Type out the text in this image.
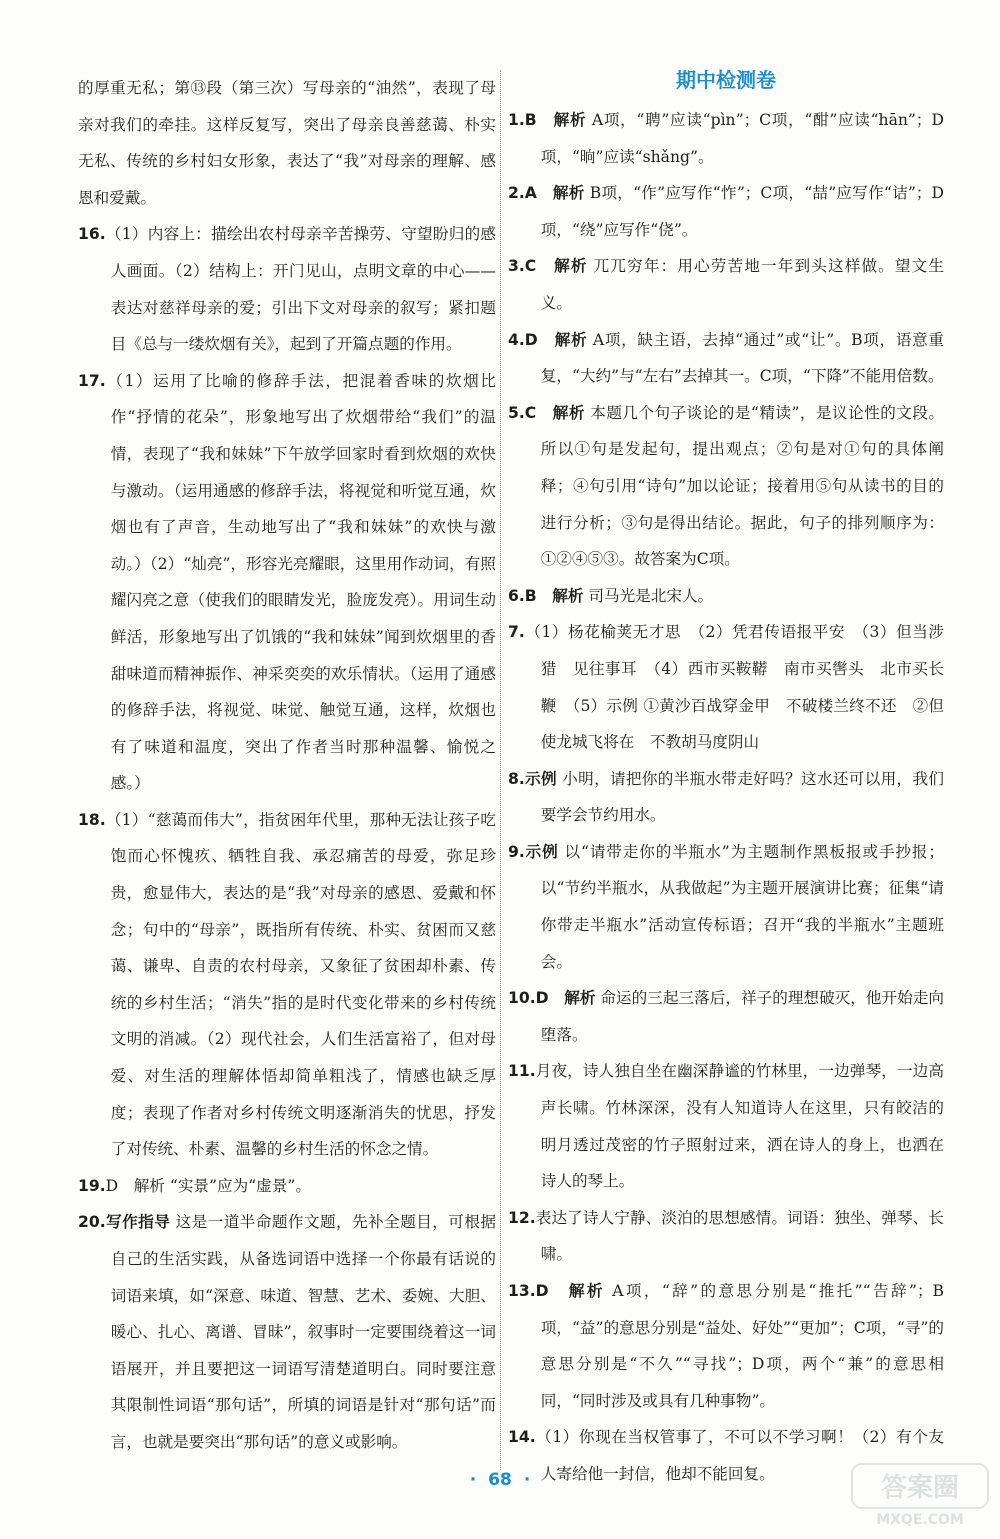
的厚重无私；第⑬段（第三次）写母亲的“油然”，表现了母亲对我们的牵挂。这样反复写，突出了母亲良善慈蔼、朴实无私、传统的乡村妇女形象，表达了“我”对母亲的理解、感恩和爱戴。

16.（1）内容上：描绘出农村母亲辛苦操劳、守望盼归的感人画面。（2）结构上：开门见山，点明文章的中心——表达对慈祥母亲的爱；引出下文对母亲的叙写；紧扣题目《总与一缕炊烟有关》，起到了开篇点题的作用。

17.（1）运用了比喻的修辞手法，把混着香味的炊烟比作“抒情的花朵”，形象地写出了炊烟带给“我们”的温情，表现了“我和妹妹”下午放学回家时看到炊烟的欢快与激动。（运用通感的修辞手法，将视觉和听觉互通，炊烟也有了声音，生动地写出了“我和妹妹”的欢快与激动。）（2）“灿亮”，形容光亮耀眼，这里用作动词，有照耀闪亮之意（使我们的眼睛发光，脸庞发亮）。用词生动鲜活，形象地写出了饥饿的“我和妹妹”闻到炊烟里的香甜味道而精神振作、神采奕奕的欢乐情状。（运用了通感的修辞手法，将视觉、味觉、触觉互通，这样，炊烟也有了味道和温度，突出了作者当时那种温馨、愉悦之感。）

18.（1）“慈蔼而伟大”，指贫困年代里，那种无法让孩子吃饱而心怀愧疚、牺牲自我、承忍痛苦的母爱，弥足珍贵，愈显伟大，表达的是“我”对母亲的感恩、爱戴和怀念；句中的“母亲”，既指所有传统、朴实、贫困而又慈蔼、谦卑、自责的农村母亲，又象征了贫困却朴素、传统的乡村生活；“消失”指的是时代变化带来的乡村传统文明的消减。（2）现代社会，人们生活富裕了，但对母爱、对生活的理解体悟却简单粗浅了，情感也缺乏厚度；表现了作者对乡村传统文明逐渐消失的忧思，抒发了对传统、朴素、温馨的乡村生活的怀念之情。

19.D　解析 “实景”应为“虚景”。

20.写作指导 这是一道半命题作文题，先补全题目，可根据自己的生活实践，从备选词语中选择一个你最有话说的词语来填，如“深意、味道、智慧、艺术、委婉、大胆、暖心、扎心、离谱、冒昧”，叙事时一定要围绕着这一词语展开，并且要把这一词语写清楚道明白。同时要注意其限制性词语“那句话”，所填的词语是针对“那句话”而言，也就是要突出“那句话”的意义或影响。

期中检测卷

1.B　解析 A项，“聘”应读“pìn”；C项，“酣”应读“hān”；D项，“晌”应读“shǎng”。

2.A　解析 B项，“作”应写作“怍”；C项，“喆”应写作“诘”；D项，“绕”应写作“侥”。

3.C　解析 兀兀穷年：用心劳苦地一年到头这样做。望文生义。

4.D　解析 A项，缺主语，去掉“通过”或“让”。B项，语意重复，“大约”与“左右”去掉其一。C项，“下降”不能用倍数。

5.C　解析 本题几个句子谈论的是“精读”，是议论性的文段。所以①句是发起句，提出观点；②句是对①句的具体阐释；④句引用“诗句”加以论证；接着用⑤句从读书的目的进行分析；③句是得出结论。据此，句子的排列顺序为：①②④⑤③。故答案为C项。

6.B　解析 司马光是北宋人。

7.（1）杨花榆荚无才思　（2）凭君传语报平安　（3）但当涉猎　见往事耳　（4）西市买鞍鞯　南市买辔头　北市买长鞭　（5）示例 ①黄沙百战穿金甲　不破楼兰终不还　②但使龙城飞将在　不教胡马度阴山

8.示例 小明，请把你的半瓶水带走好吗？这水还可以用，我们要学会节约用水。

9.示例 以“请带走你的半瓶水”为主题制作黑板报或手抄报；以“节约半瓶水，从我做起”为主题开展演讲比赛；征集“请你带走半瓶水”活动宣传标语；召开“我的半瓶水”主题班会。

10.D　解析 命运的三起三落后，祥子的理想破灭，他开始走向堕落。

11.月夜，诗人独自坐在幽深静谧的竹林里，一边弹琴，一边高声长啸。竹林深深，没有人知道诗人在这里，只有皎洁的明月透过茂密的竹子照射过来，洒在诗人的身上，也洒在诗人的琴上。

12.表达了诗人宁静、淡泊的思想感情。词语：独坐、弹琴、长啸。

13.D　解析 A项，“辞”的意思分别是“推托”“告辞”；B项，“益”的意思分别是“益处、好处”“更加”；C项，“寻”的意思分别是“不久”“寻找”；D项，两个“兼”的意思相同，“同时涉及或具有几种事物”。

14.（1）你现在当权管事了，不可以不学习啊！（2）有个友人寄给他一封信，他却不能回复。

· 68 ·	答案圈
MXQE.COM
